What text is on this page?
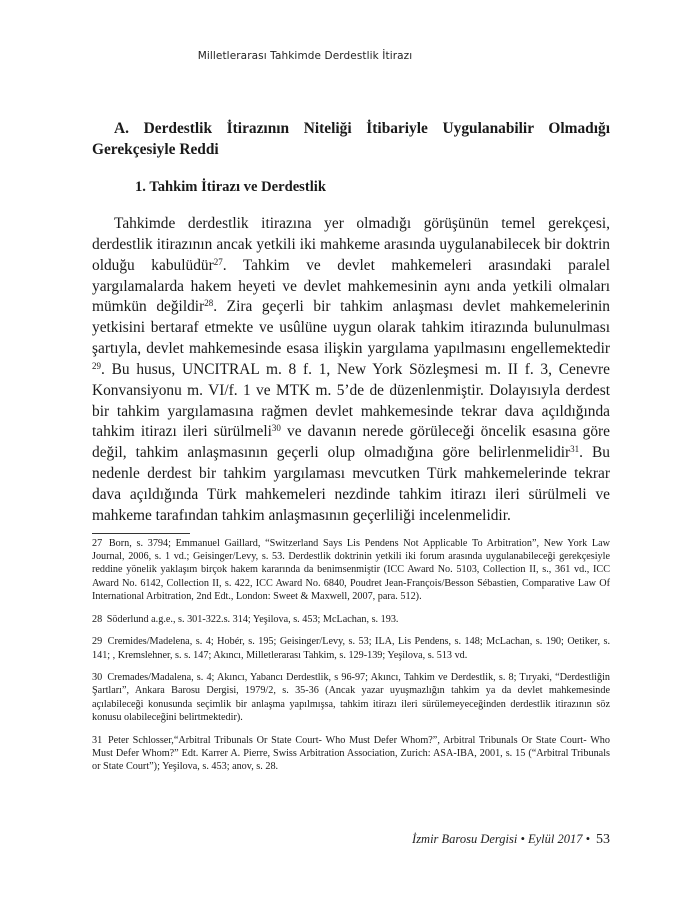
Milletlerarası Tahkimde Derdestlik İtirazı
A. Derdestlik İtirazının Niteliği İtibariyle Uygulanabilir Olmadığı Gerekçesiyle Reddi
1. Tahkim İtirazı ve Derdestlik

Tahkimde derdestlik itirazına yer olmadığı görüşünün temel gerekçesi, derdestlik itirazının ancak yetkili iki mahkeme arasında uygulanabilecek bir doktrin olduğu kabulüdür$^{27}$. Tahkim ve devlet mahkemeleri arasındaki paralel yargılamalarda hakem heyeti ve devlet mahkemesinin aynı anda yetkili olmaları mümkün değildir$^{28}$. Zira geçerli bir tahkim anlaşması devlet mahkemelerinin yetkisini bertaraf etmekte ve usûlüne uygun olarak tahkim itirazında bulunulması şartıyla, devlet mahkemesinde esasa ilişkin yargılama yapılmasını engellemektedir $^{29}$. Bu husus, UNCITRAL m. 8 f. 1, New York Sözleşmesi m. II f. 3, Cenevre Konvansiyonu m. VI/f. 1 ve MTK m. 5’de de düzenlenmiştir. Dolayısıyla derdest bir tahkim yargılamasına rağmen devlet mahkemesinde tekrar dava açıldığında tahkim itirazı ileri sürülmeli$^{30}$ ve davanın nerede görüleceği öncelik esasına göre değil, tahkim anlaşmasının geçerli olup olmadığına göre belirlenmelidir$^{31}$. Bu nedenle derdest bir tahkim yargılaması mevcutken Türk mahkemelerinde tekrar dava açıldığında Türk mahkemeleri nezdinde tahkim itirazı ileri sürülmeli ve mahkeme tarafından tahkim anlaşmasının geçerliliği incelenmelidir.

27 Born, s. 3794; Emmanuel Gaillard, “Switzerland Says Lis Pendens Not Applicable To Arbitration”, New York Law Journal, 2006, s. 1 vd.; Geisinger/Levy, s. 53. Derdestlik doktrinin yetkili iki forum arasında uygulanabileceği gerekçesiyle reddine yönelik yaklaşım birçok hakem kararında da benimsenmiştir (ICC Award No. 5103, Collection II, s., 361 vd., ICC Award No. 6142, Collection II, s. 422, ICC Award No. 6840, Poudret Jean-François/Besson Sébastien, Comparative Law Of International Arbitration, 2nd Edt., London: Sweet & Maxwell, 2007, para. 512).

28 Söderlund a.g.e., s. 301-322.s. 314; Yeşilova, s. 453; McLachan, s. 193.

29 Cremides/Madelena, s. 4; Hobér, s. 195; Geisinger/Levy, s. 53; ILA, Lis Pendens, s. 148; McLachan, s. 190; Oetiker, s. 141; , Kremslehner, s. s. 147; Akıncı, Milletlerarası Tahkim, s. 129-139; Yeşilova, s. 513 vd.

30 Cremades/Madalena, s. 4; Akıncı, Yabancı Derdestlik, s 96-97; Akıncı, Tahkim ve Derdestlik, s. 8; Tıryaki, “Derdestliğin Şartları”, Ankara Barosu Dergisi, 1979/2, s. 35-36 (Ancak yazar uyuşmazlığın tahkim ya da devlet mahkemesinde açılabileceği konusunda seçimlik bir anlaşma yapılmışsa, tahkim itirazı ileri sürülemeyeceğinden derdestlik itirazının söz konusu olabileceğini belirtmektedir).

31 Peter Schlosser,“Arbitral Tribunals Or State Court- Who Must Defer Whom?”, Arbitral Tribunals Or State Court- Who Must Defer Whom?” Edt. Karrer A. Pierre, Swiss Arbitration Association, Zurich: ASA-IBA, 2001, s. 15 (“Arbitral Tribunals or State Court”); Yeşilova, s. 453; anov, s. 28.

İzmir Barosu Dergisi • Eylül 2017 • 53
